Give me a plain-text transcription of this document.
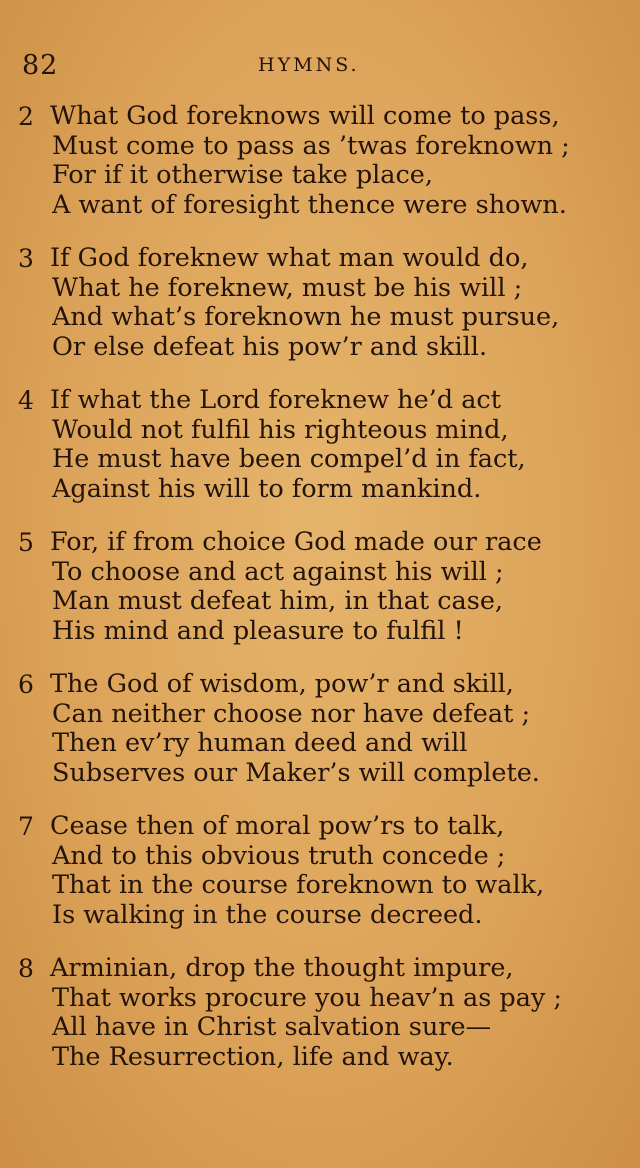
82	HYMNS.
2 What God foreknows will come to pass,
Must come to pass as ’twas foreknown ;
For if it otherwise take place,
A want of foresight thence were shown.
3 If God foreknew what man would do,
What he foreknew, must be his will ;
And what’s foreknown he must pursue,
Or else defeat his pow’r and skill.
4 If what the Lord foreknew he’d act
Would not fulfil his righteous mind,
He must have been compel’d in fact,
Against his will to form mankind.
5 For, if from choice God made our race
To choose and act against his will ;
Man must defeat him, in that case,
His mind and pleasure to fulfil !
6 The God of wisdom, pow’r and skill,
Can neither choose nor have defeat ;
Then ev’ry human deed and will
Subserves our Maker’s will complete.
7 Cease then of moral pow’rs to talk,
And to this obvious truth concede ;
That in the course foreknown to walk,
Is walking in the course decreed.
8 Arminian, drop the thought impure,
That works procure you heav’n as pay ;
All have in Christ salvation sure—
The Resurrection, life and way.
